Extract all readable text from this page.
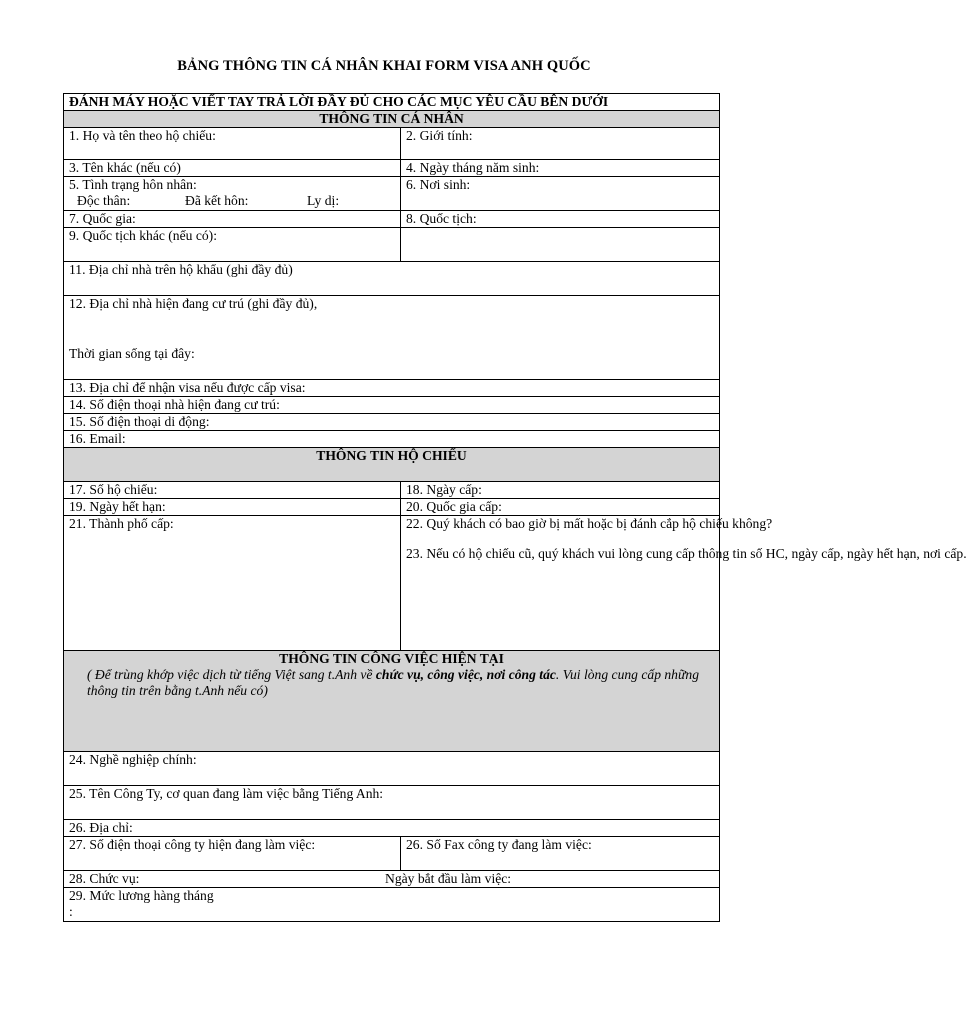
BẢNG THÔNG TIN CÁ NHÂN KHAI FORM VISA ANH QUỐC
ĐÁNH MÁY HOẶC VIẾT TAY TRẢ LỜI ĐẦY ĐỦ CHO CÁC MỤC YÊU CẦU BÊN DƯỚI	
THÔNG TIN CÁ NHÂN	
1. Họ và tên theo hộ chiếu:	2. Giới tính:
3. Tên khác (nếu có)	4. Ngày tháng năm sinh:

5. Tình trạng hôn nhân:
Độc thân: Đã kết hôn: Ly dị:	6. Nơi sinh:
7. Quốc gia:	8. Quốc tịch:
9. Quốc tịch khác (nếu có):	
11. Địa chỉ nhà trên hộ khẩu (ghi đầy đủ)	

12. Địa chỉ nhà hiện đang cư trú (ghi đầy đủ),
Thời gian sống tại đây:	

13. Địa chỉ để nhận visa nếu được cấp visa:	
14. Số điện thoại nhà hiện đang cư trú:	
15. Số điện thoại di động:	
16. Email:	
THÔNG TIN HỘ CHIẾU	
17. Số hộ chiếu:	18. Ngày cấp:
19. Ngày hết hạn:	20. Quốc gia cấp:
21. Thành phố cấp:	22. Quý khách có bao giờ bị mất hoặc bị đánh cắp hộ chiếu không?
23. Nếu có hộ chiếu cũ, quý khách vui lòng cung cấp thông tin số HC, ngày cấp, ngày hết hạn, nơi cấp.

THÔNG TIN CÔNG VIỆC HIỆN TẠI
( Để trùng khớp việc dịch từ tiếng Việt sang t.Anh về chức vụ, công việc, nơi công tác. Vui lòng cung cấp những thông tin trên bằng t.Anh nếu có)	

24. Nghề nghiệp chính:	
25. Tên Công Ty, cơ quan đang làm việc bằng Tiếng Anh:	
26. Địa chỉ:	
27. Số điện thoại công ty hiện đang làm việc:	26. Số Fax công ty đang làm việc:

28. Chức vụ: Ngày bắt đầu làm việc:	

29. Mức lương hàng tháng
:	
